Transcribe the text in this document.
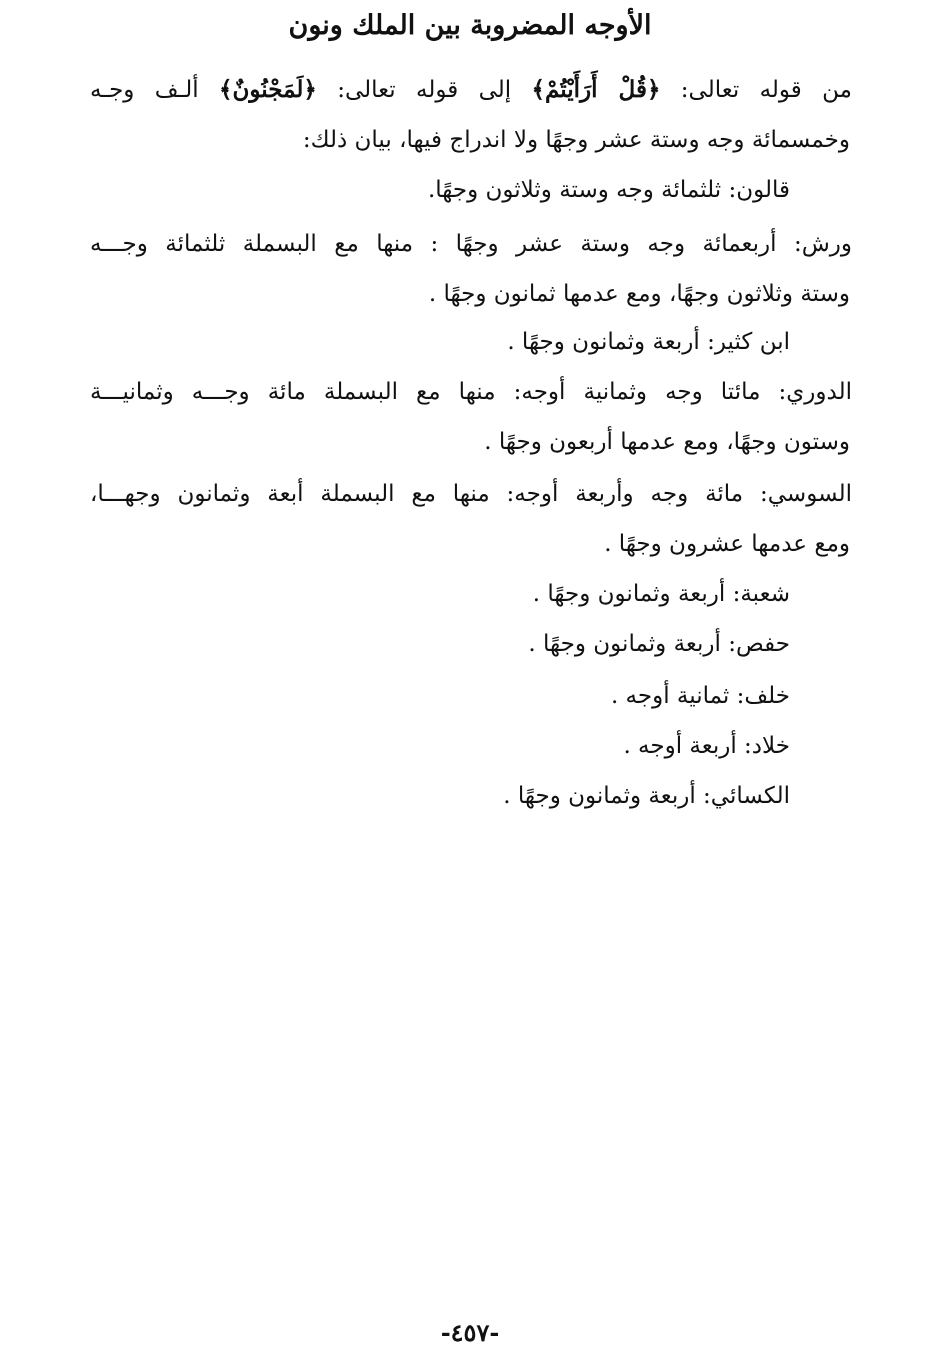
الأوجه المضروبة بين الملك ونون
من قوله تعالى: ﴿قُلْ أَرَأَيْتُمْ﴾ إلى قوله تعالى: ﴿لَمَجْنُونٌ﴾ ألـف وجـه
وخمسمائة وجه وستة عشر وجهًا ولا اندراج فيها، بيان ذلك:
قالون: ثلثمائة وجه وستة وثلاثون وجهًا.
ورش: أربعمائة وجه وستة عشر وجهًا : منها مع البسملة ثلثمائة وجـــه
وستة وثلاثون وجهًا، ومع عدمها ثمانون وجهًا .
ابن كثير: أربعة وثمانون وجهًا .
الدوري: مائتا وجه وثمانية أوجه: منها مع البسملة مائة وجـــه وثمانيـــة
وستون وجهًا، ومع عدمها أربعون وجهًا .
السوسي: مائة وجه وأربعة أوجه: منها مع البسملة أبعة وثمانون وجهـــا،
ومع عدمها عشرون وجهًا .
شعبة: أربعة وثمانون وجهًا .
حفص: أربعة وثمانون وجهًا .
خلف: ثمانية أوجه .
خلاد: أربعة أوجه .
الكسائي: أربعة وثمانون وجهًا .
-٤٥٧-
